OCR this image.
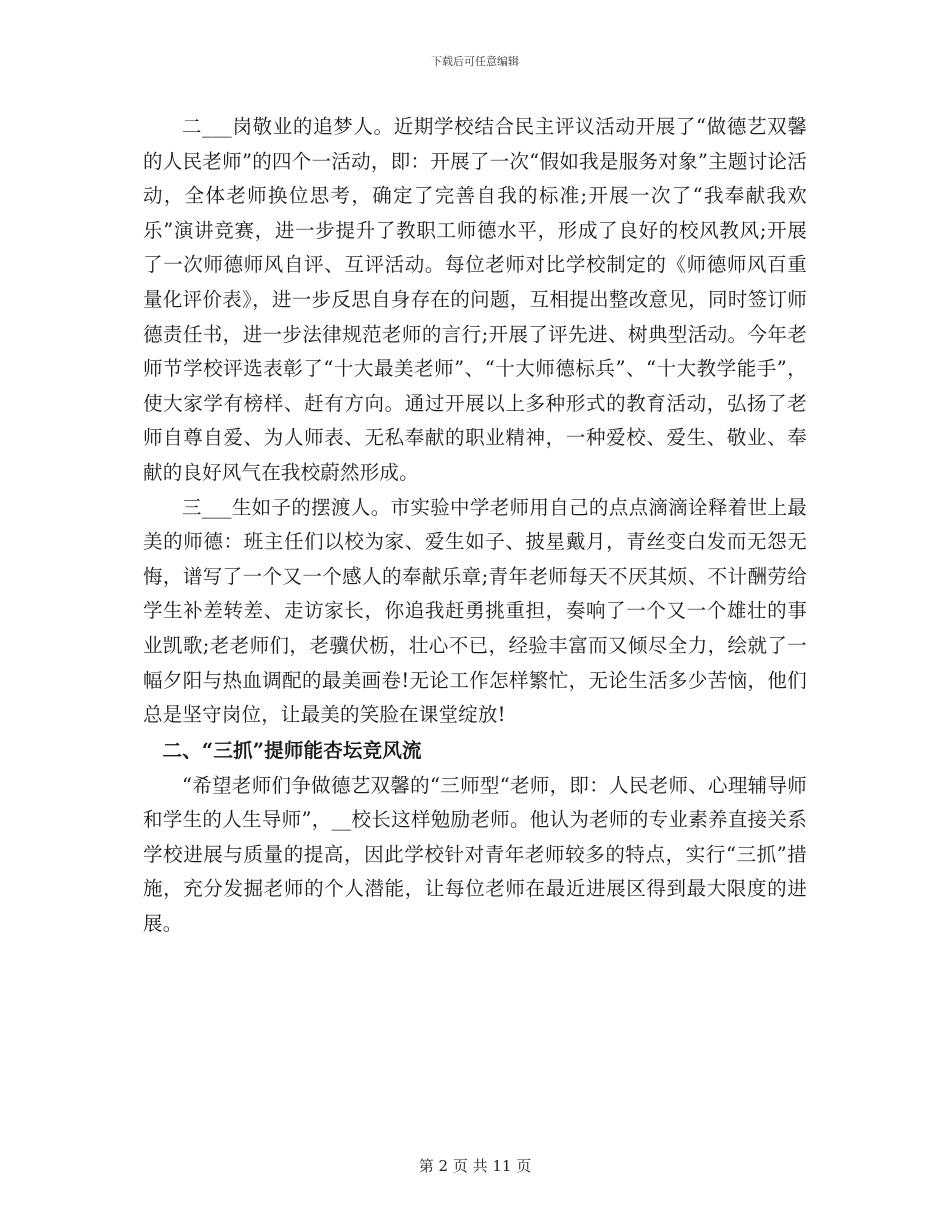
下载后可任意编辑

二___岗敬业的追梦人。近期学校结合民主评议活动开展了“做德艺双馨的人民老师”的四个一活动，即：开展了一次“假如我是服务对象”主题讨论活动，全体老师换位思考，确定了完善自我的标准;开展一次了“我奉献我欢乐”演讲竞赛，进一步提升了教职工师德水平，形成了良好的校风教风;开展了一次师德师风自评、互评活动。每位老师对比学校制定的《师德师风百重量化评价表》，进一步反思自身存在的问题，互相提出整改意见，同时签订师德责任书，进一步法律规范老师的言行;开展了评先进、树典型活动。今年老师节学校评选表彰了“十大最美老师”、“十大师德标兵”、“十大教学能手”，使大家学有榜样、赶有方向。通过开展以上多种形式的教育活动，弘扬了老师自尊自爱、为人师表、无私奉献的职业精神，一种爱校、爱生、敬业、奉献的良好风气在我校蔚然形成。

三___生如子的摆渡人。市实验中学老师用自己的点点滴滴诠释着世上最美的师德：班主任们以校为家、爱生如子、披星戴月，青丝变白发而无怨无悔，谱写了一个又一个感人的奉献乐章;青年老师每天不厌其烦、不计酬劳给学生补差转差、走访家长，你追我赶勇挑重担，奏响了一个又一个雄壮的事业凯歌;老老师们，老骥伏枥，壮心不已，经验丰富而又倾尽全力，绘就了一幅夕阳与热血调配的最美画卷!无论工作怎样繁忙，无论生活多少苦恼，他们总是坚守岗位，让最美的笑脸在课堂绽放!

二、“三抓”提师能杏坛竞风流

“希望老师们争做德艺双馨的“三师型“老师，即：人民老师、心理辅导师和学生的人生导师”，__校长这样勉励老师。他认为老师的专业素养直接关系学校进展与质量的提高，因此学校针对青年老师较多的特点，实行“三抓”措施，充分发掘老师的个人潜能，让每位老师在最近进展区得到最大限度的进展。

第 2 页 共 11 页
